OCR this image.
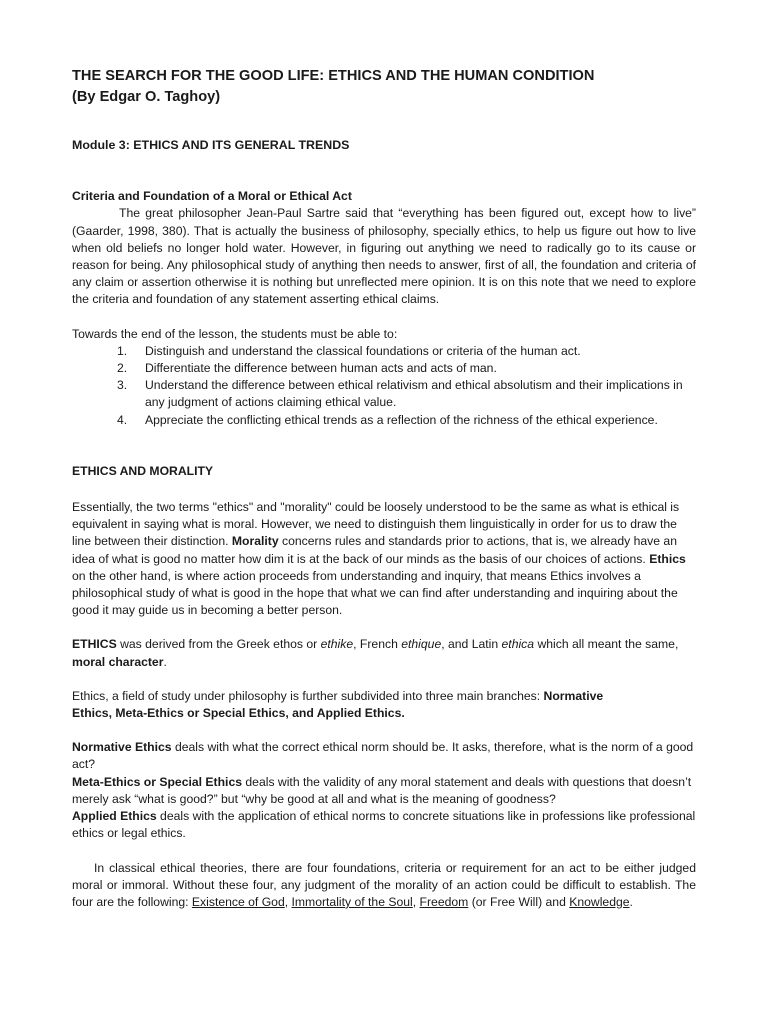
THE SEARCH FOR THE GOOD LIFE: ETHICS AND THE HUMAN CONDITION
(By Edgar O. Taghoy)

Module 3: ETHICS AND ITS GENERAL TRENDS

Criteria and Foundation of a Moral or Ethical Act

The great philosopher Jean-Paul Sartre said that “everything has been figured out, except how to live” (Gaarder, 1998, 380). That is actually the business of philosophy, specially ethics, to help us figure out how to live when old beliefs no longer hold water. However, in figuring out anything we need to radically go to its cause or reason for being. Any philosophical study of anything then needs to answer, first of all, the foundation and criteria of any claim or assertion otherwise it is nothing but unreflected mere opinion. It is on this note that we need to explore the criteria and foundation of any statement asserting ethical claims.

Towards the end of the lesson, the students must be able to:

1.	Distinguish and understand the classical foundations or criteria of the human act.
2.	Differentiate the difference between human acts and acts of man.
3.	Understand the difference between ethical relativism and ethical absolutism and their implications in any judgment of actions claiming ethical value.
4.	Appreciate the conflicting ethical trends as a reflection of the richness of the ethical experience.

ETHICS AND MORALITY

Essentially, the two terms "ethics" and "morality" could be loosely understood to be the same as what is ethical is equivalent in saying what is moral. However, we need to distinguish them linguistically in order for us to draw the line between their distinction. Morality concerns rules and standards prior to actions, that is, we already have an idea of what is good no matter how dim it is at the back of our minds as the basis of our choices of actions. Ethics on the other hand, is where action proceeds from understanding and inquiry, that means Ethics involves a philosophical study of what is good in the hope that what we can find after understanding and inquiring about the good it may guide us in becoming a better person.

ETHICS was derived from the Greek ethos or ethike, French ethique, and Latin ethica which all meant the same, moral character.

Ethics, a field of study under philosophy is further subdivided into three main branches: Normative
Ethics, Meta-Ethics or Special Ethics, and Applied Ethics.

Normative Ethics deals with what the correct ethical norm should be. It asks, therefore, what is the norm of a good act?

Meta-Ethics or Special Ethics deals with the validity of any moral statement and deals with questions that doesn’t merely ask “what is good?” but “why be good at all and what is the meaning of goodness?

Applied Ethics deals with the application of ethical norms to concrete situations like in professions like professional ethics or legal ethics.

In classical ethical theories, there are four foundations, criteria or requirement for an act to be either judged moral or immoral. Without these four, any judgment of the morality of an action could be difficult to establish. The four are the following: Existence of God, Immortality of the Soul, Freedom (or Free Will) and Knowledge.
